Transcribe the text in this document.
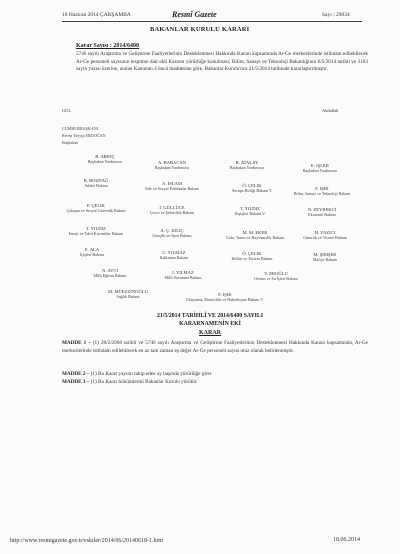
18 Haziran 2014 ÇARŞAMBA	Resmî Gazete	Sayı : 29034
BAKANLAR KURULU KARARI
Karar Sayısı : 2014/6400
5746 sayılı Araştırma ve Geliştirme Faaliyetlerinin Desteklenmesi Hakkında Kanun kapsamında Ar-Ge merkezlerinde istihdam edilebilecek Ar-Ge personeli sayısının tespitine dair ekli Kararın yürürlüğe konulması; Bilim, Sanayi ve Teknoloji Bakanlığının 6/5/2014 tarihli ve 3103 sayılı yazısı üzerine, anılan Kanunun 4 üncü maddesine göre, Bakanlar Kurulu'nca 21/5/2014 tarihinde kararlaştırılmıştır.
GÜL	Abdullah
CUMHURBAŞKANI
Recep Tayyip ERDOĞAN
Başbakan
B. ARINÇ
Başbakan Yardımcısı	A. BABACAN
Başbakan Yardımcısı
B. ATALAY
Başbakan Yardımcısı	E. IŞLER
Başbakan Yardımcısı
B. BOZDAĞ
Adalet Bakanı	A. İSLAM
Aile ve Sosyal Politikalar Bakanı
Ö. ÇELİK
Avrupa Birliği Bakanı V.	F. IŞIK
Bilim, Sanayi ve Teknoloji Bakanı
F. ÇELİK
Çalışma ve Sosyal Güvenlik Bakanı
İ. GÜLLÜCE
Çevre ve Şehircilik Bakanı
T. YILDIZ
Dışişleri Bakanı V.
N. ZEYBEKCİ
Ekonomi Bakanı
T. YILDIZ
Enerji ve Tabii Kaynaklar Bakanı
A. Ç. KILIÇ
Gençlik ve Spor Bakanı
M. M. EKER
Gıda, Tarım ve Hayvancılık Bakanı
H. YAZICI
Gümrük ve Ticaret Bakanı
E. ALA
İçişleri Bakanı	C. YILMAZ
Kalkınma Bakanı
Ö. ÇELİK
Kültür ve Turizm Bakanı
M. ŞİMŞEK
Maliye Bakanı
N. AVCI
Milli Eğitim Bakanı
İ. YILMAZ
Milli Savunma Bakanı
V. EROĞLU
Orman ve Su İşleri Bakanı
M. MÜEZZİNOĞLU
Sağlık Bakanı	F. IŞIK
Ulaştırma, Denizcilik ve Haberleşme Bakanı V.
21/5/2014 TARİHLİ VE 2014/6400 SAYILI
KARARNAMENİN EKİ
KARAR
MADDE 1 – (1) 28/2/2008 tarihli ve 5746 sayılı Araştırma ve Geliştirme Faaliyetlerinin Desteklenmesi Hakkında Kanun kapsamında, Ar-Ge merkezlerinde istihdam edilebilecek en az tam zaman eş değer Ar-Ge personeli sayısı otuz olarak belirlenmiştir.
MADDE 2 – (1) Bu Karar yayımı takip eden ay başında yürürlüğe girer.
MADDE 3 – (1) Bu Karar hükümlerini Bakanlar Kurulu yürütür.
http://www.resmigazete.gov.tr/eskiler/2014/06/20140618-1.htm	18.06.2014
